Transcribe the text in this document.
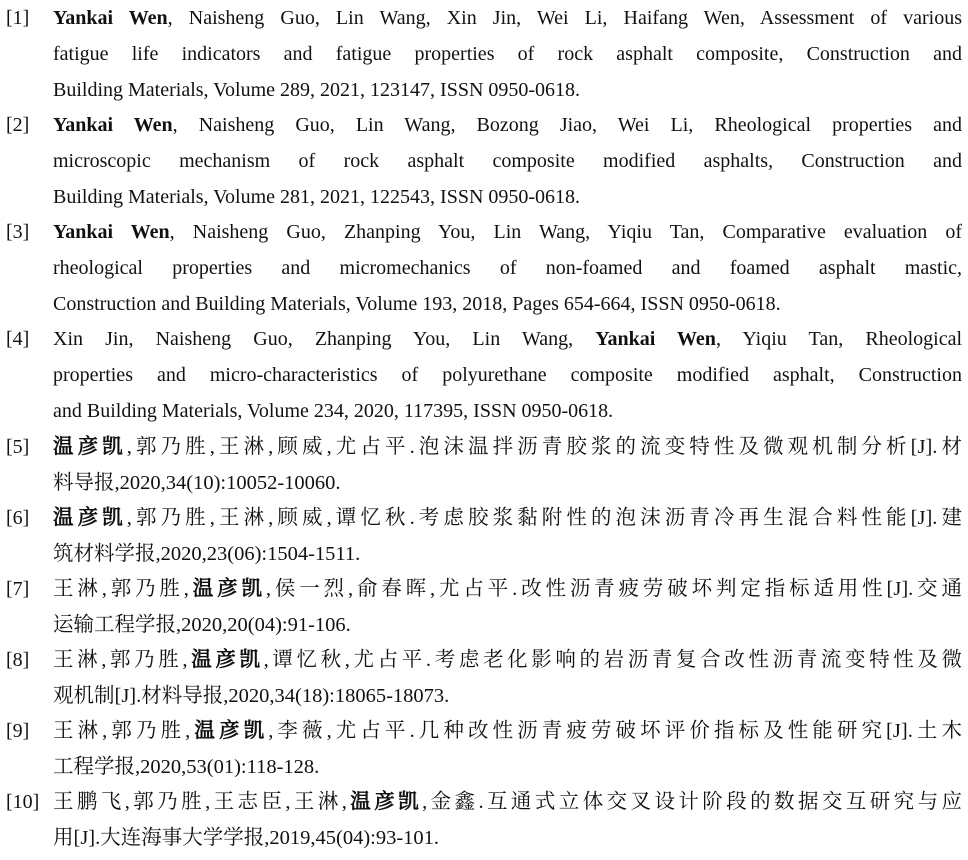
[1] Yankai Wen, Naisheng Guo, Lin Wang, Xin Jin, Wei Li, Haifang Wen, Assessment of various
fatigue life indicators and fatigue properties of rock asphalt composite, Construction and
Building Materials, Volume 289, 2021, 123147, ISSN 0950-0618.
[2] Yankai Wen, Naisheng Guo, Lin Wang, Bozong Jiao, Wei Li, Rheological properties and
microscopic mechanism of rock asphalt composite modified asphalts, Construction and
Building Materials, Volume 281, 2021, 122543, ISSN 0950-0618.
[3] Yankai Wen, Naisheng Guo, Zhanping You, Lin Wang, Yiqiu Tan, Comparative evaluation of
rheological properties and micromechanics of non-foamed and foamed asphalt mastic,
Construction and Building Materials, Volume 193, 2018, Pages 654-664, ISSN 0950-0618.
[4] Xin Jin, Naisheng Guo, Zhanping You, Lin Wang, Yankai Wen, Yiqiu Tan, Rheological
properties and micro-characteristics of polyurethane composite modified asphalt, Construction
and Building Materials, Volume 234, 2020, 117395, ISSN 0950-0618.
[5] 温彦凯,郭乃胜,王淋,顾威,尤占平.泡沫温拌沥青胶浆的流变特性及微观机制分析[J].材
料导报,2020,34(10):10052-10060.
[6] 温彦凯,郭乃胜,王淋,顾威,谭忆秋.考虑胶浆黏附性的泡沫沥青冷再生混合料性能[J].建
筑材料学报,2020,23(06):1504-1511.
[7] 王淋,郭乃胜,温彦凯,侯一烈,俞春晖,尤占平.改性沥青疲劳破坏判定指标适用性[J].交通
运输工程学报,2020,20(04):91-106.
[8] 王淋,郭乃胜,温彦凯,谭忆秋,尤占平.考虑老化影响的岩沥青复合改性沥青流变特性及微
观机制[J].材料导报,2020,34(18):18065-18073.
[9] 王淋,郭乃胜,温彦凯,李薇,尤占平.几种改性沥青疲劳破坏评价指标及性能研究[J].土木
工程学报,2020,53(01):118-128.
[10] 王鹏飞,郭乃胜,王志臣,王淋,温彦凯,金鑫.互通式立体交叉设计阶段的数据交互研究与应
用[J].大连海事大学学报,2019,45(04):93-101.
